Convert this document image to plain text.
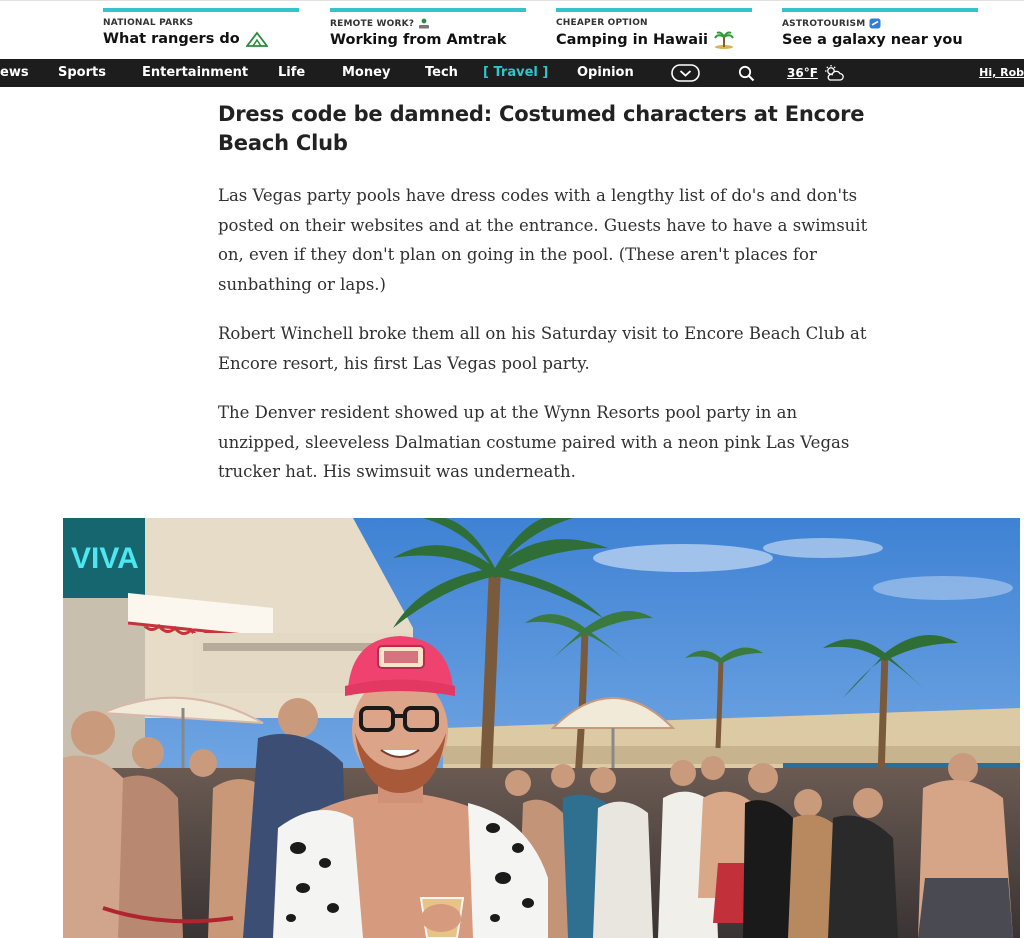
NATIONAL PARKS
What rangers do
REMOTE WORK?
Working from Amtrak
CHEAPER OPTION
Camping in Hawaii
ASTROTOURISM
See a galaxy near you
ews Sports	Entertainment Life	Money	Tech [ Travel ] Opinion	36°F	Hi, Rob
Dress code be damned: Costumed characters at Encore Beach Club

Las Vegas party pools have dress codes with a lengthy list of do's and don'ts posted on their websites and at the entrance. Guests have to have a swimsuit on, even if they don't plan on going in the pool. (These aren't places for sunbathing or laps.)

Robert Winchell broke them all on his Saturday visit to Encore Beach Club at Encore resort, his first Las Vegas pool party.

The Denver resident showed up at the Wynn Resorts pool party in an unzipped, sleeveless Dalmatian costume paired with a neon pink Las Vegas trucker hat. His swimsuit was underneath.

VIVA
